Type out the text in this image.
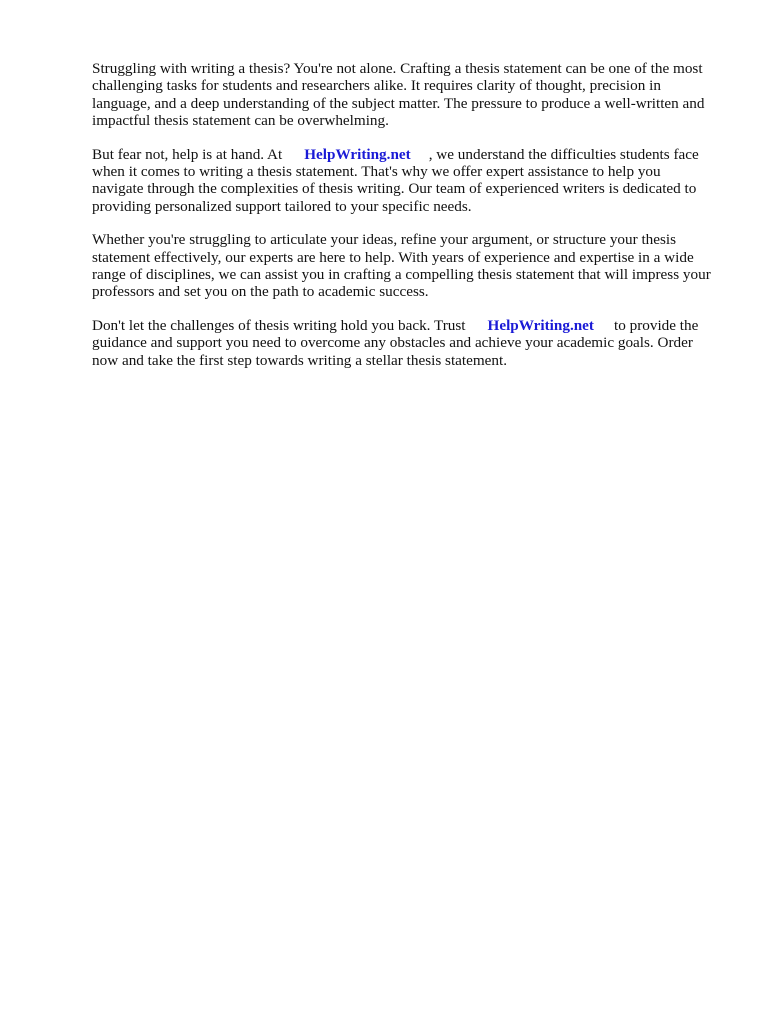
Struggling with writing a thesis? You're not alone. Crafting a thesis statement can be one of the most
challenging tasks for students and researchers alike. It requires clarity of thought, precision in
language, and a deep understanding of the subject matter. The pressure to produce a well-written and
impactful thesis statement can be overwhelming.

But fear not, help is at hand. At HelpWriting.net , we understand the difficulties students face
when it comes to writing a thesis statement. That's why we offer expert assistance to help you
navigate through the complexities of thesis writing. Our team of experienced writers is dedicated to
providing personalized support tailored to your specific needs.

Whether you're struggling to articulate your ideas, refine your argument, or structure your thesis
statement effectively, our experts are here to help. With years of experience and expertise in a wide
range of disciplines, we can assist you in crafting a compelling thesis statement that will impress your
professors and set you on the path to academic success.

Don't let the challenges of thesis writing hold you back. Trust HelpWriting.net to provide the
guidance and support you need to overcome any obstacles and achieve your academic goals. Order
now and take the first step towards writing a stellar thesis statement.
